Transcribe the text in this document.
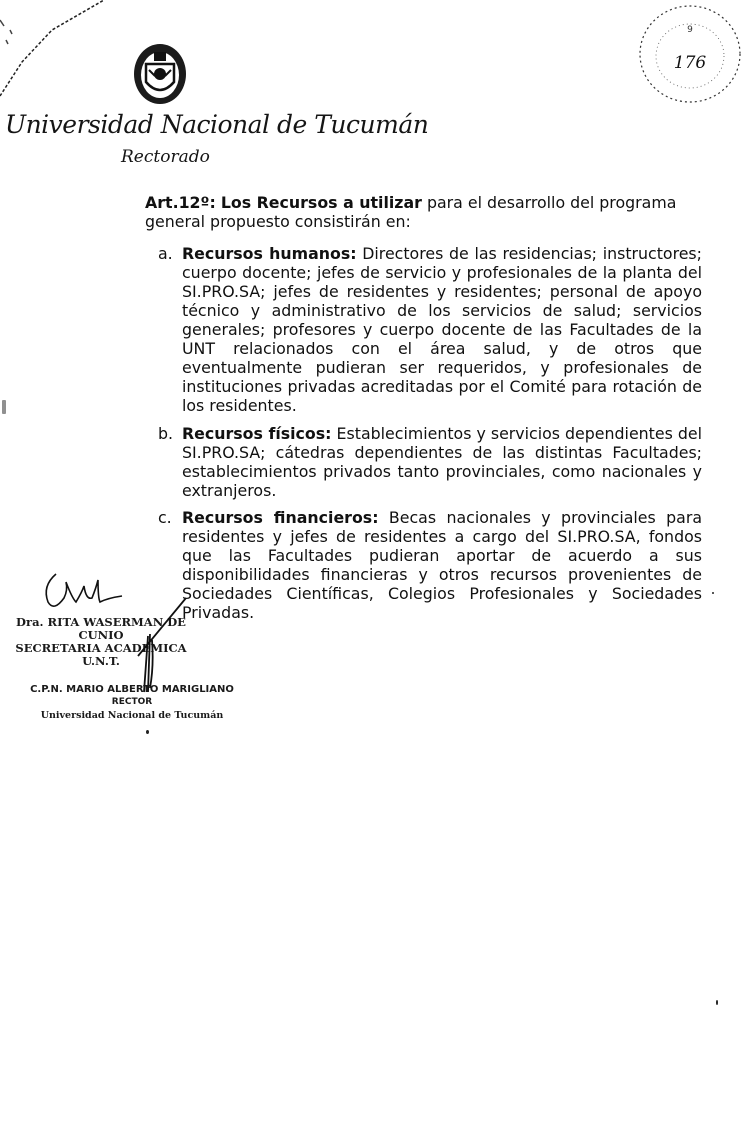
9
176
Universidad Nacional de Tucumán
Rectorado
Art.12º: Los Recursos a utilizar para el desarrollo del programa general propuesto consistirán en:
a. Recursos humanos: Directores de las residencias; instructores; cuerpo docente; jefes de servicio y profesionales de la planta del SI.PRO.SA; jefes de residentes y residentes; personal de apoyo técnico y administrativo de los servicios de salud; servicios generales; profesores y cuerpo docente de las Facultades de la UNT relacionados con el área salud, y de otros que eventualmente pudieran ser requeridos, y profesionales de instituciones privadas acreditadas por el Comité para rotación de los residentes.
b. Recursos físicos: Establecimientos y servicios dependientes del SI.PRO.SA; cátedras dependientes de las distintas Facultades; establecimientos privados tanto provinciales, como nacionales y extranjeros.
c. Recursos financieros: Becas nacionales y provinciales para residentes y jefes de residentes a cargo del SI.PRO.SA, fondos que las Facultades pudieran aportar de acuerdo a sus disponibilidades financieras y otros recursos provenientes de Sociedades Científicas, Colegios Profesionales y Sociedades Privadas.
Dra. RITA WASERMAN DE CUNIO
SECRETARIA ACADEMICA
U.N.T.
C.P.N. MARIO ALBERTO MARIGLIANO
RECTOR
Universidad Nacional de Tucumán
